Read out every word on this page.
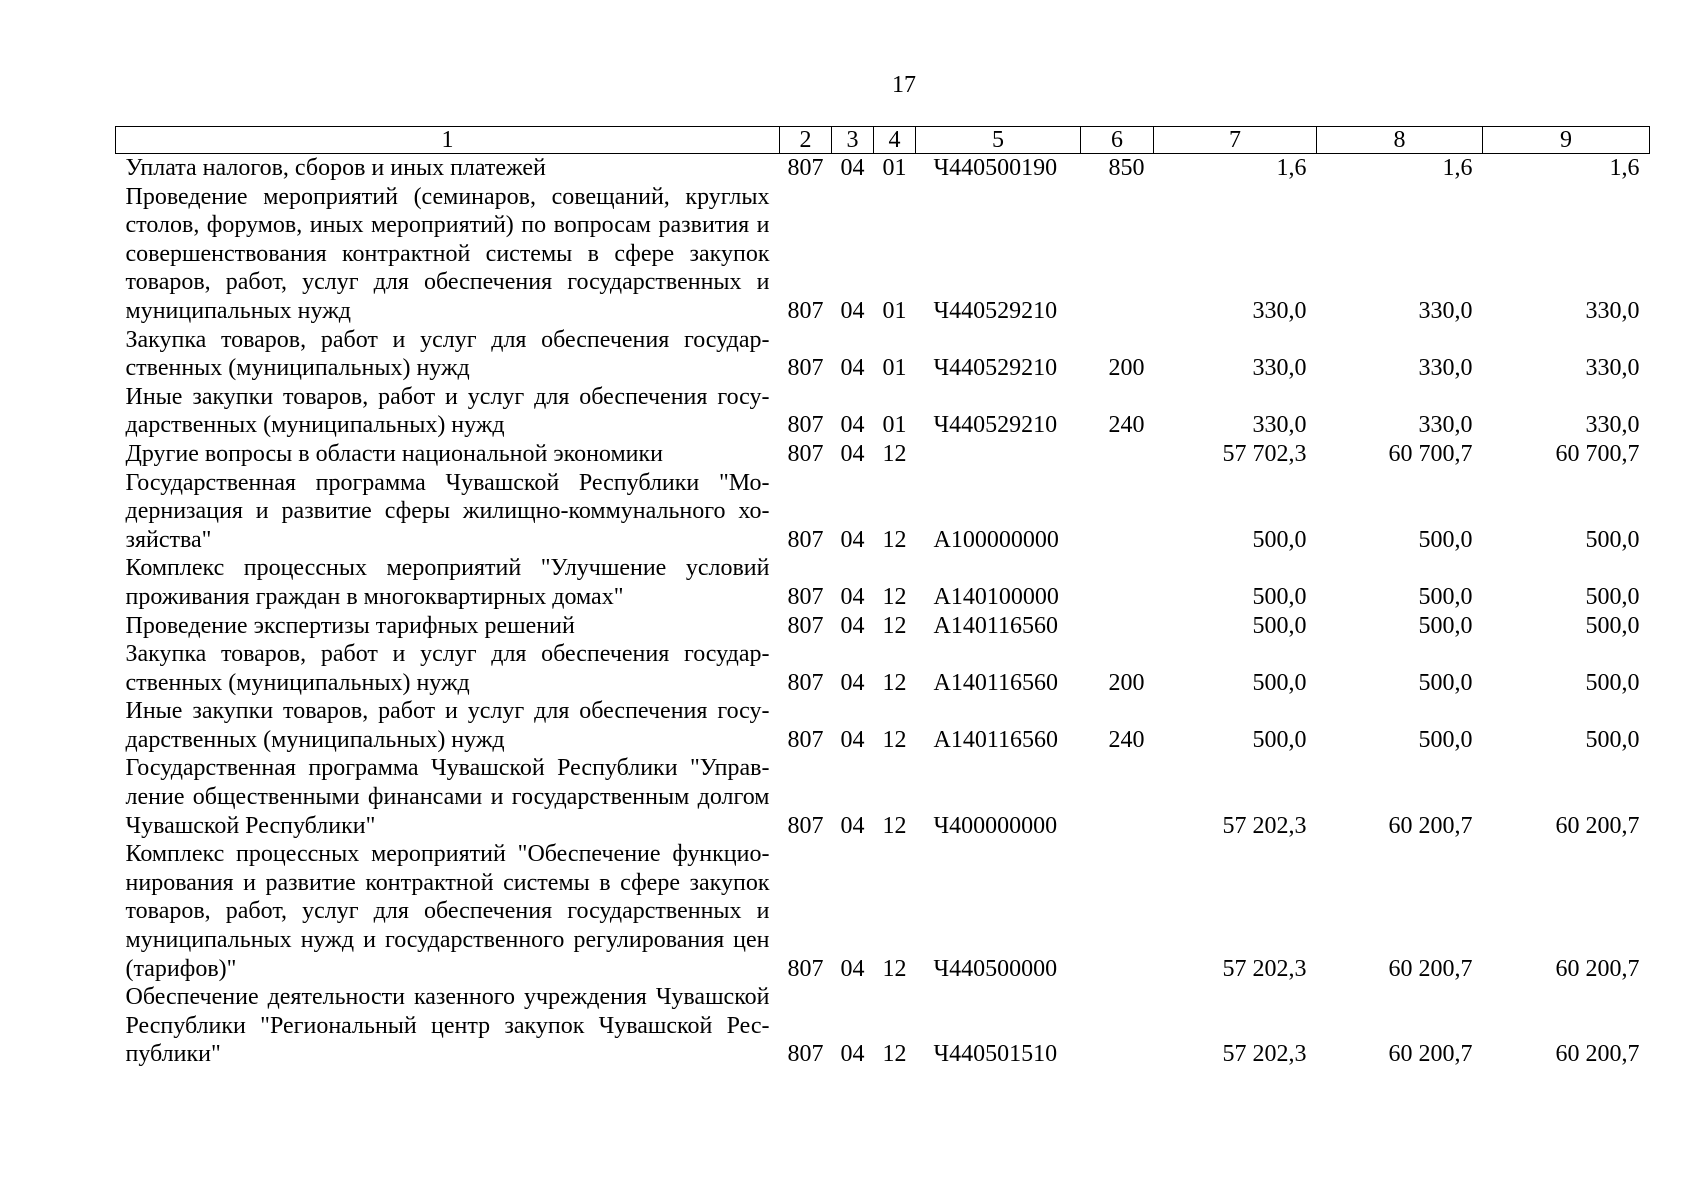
17
1	2	3	4	5	6	7	8	9
Уплата налогов, сборов и иных платежей	807	04	01	Ч440500190	850	1,6	1,6	1,6
Проведение мероприятий (семинаров, совещаний, круглых столов, форумов, иных мероприятий) по вопросам развития и совершенствования контрактной системы в сфере закупок товаров, работ, услуг для обеспечения государственных и муниципальных нужд	807	04	01	Ч440529210		330,0	330,0	330,0
Закупка товаров, работ и услуг для обеспечения государственных (муниципальных) нужд	807	04	01	Ч440529210	200	330,0	330,0	330,0
Иные закупки товаров, работ и услуг для обеспечения государственных (муниципальных) нужд	807	04	01	Ч440529210	240	330,0	330,0	330,0
Другие вопросы в области национальной экономики	807	04	12			57 702,3	60 700,7	60 700,7
Государственная программа Чувашской Республики "Модернизация и развитие сферы жилищно-коммунального хозяйства"	807	04	12	А100000000		500,0	500,0	500,0
Комплекс процессных мероприятий "Улучшение условий проживания граждан в многоквартирных домах"	807	04	12	А140100000		500,0	500,0	500,0
Проведение экспертизы тарифных решений	807	04	12	А140116560		500,0	500,0	500,0
Закупка товаров, работ и услуг для обеспечения государственных (муниципальных) нужд	807	04	12	А140116560	200	500,0	500,0	500,0
Иные закупки товаров, работ и услуг для обеспечения государственных (муниципальных) нужд	807	04	12	А140116560	240	500,0	500,0	500,0
Государственная программа Чувашской Республики "Управление общественными финансами и государственным долгом Чувашской Республики"	807	04	12	Ч400000000		57 202,3	60 200,7	60 200,7
Комплекс процессных мероприятий "Обеспечение функционирования и развитие контрактной системы в сфере закупок товаров, работ, услуг для обеспечения государственных и муниципальных нужд и государственного регулирования цен (тарифов)"	807	04	12	Ч440500000		57 202,3	60 200,7	60 200,7
Обеспечение деятельности казенного учреждения Чувашской Республики "Региональный центр закупок Чувашской Республики"	807	04	12	Ч440501510		57 202,3	60 200,7	60 200,7
